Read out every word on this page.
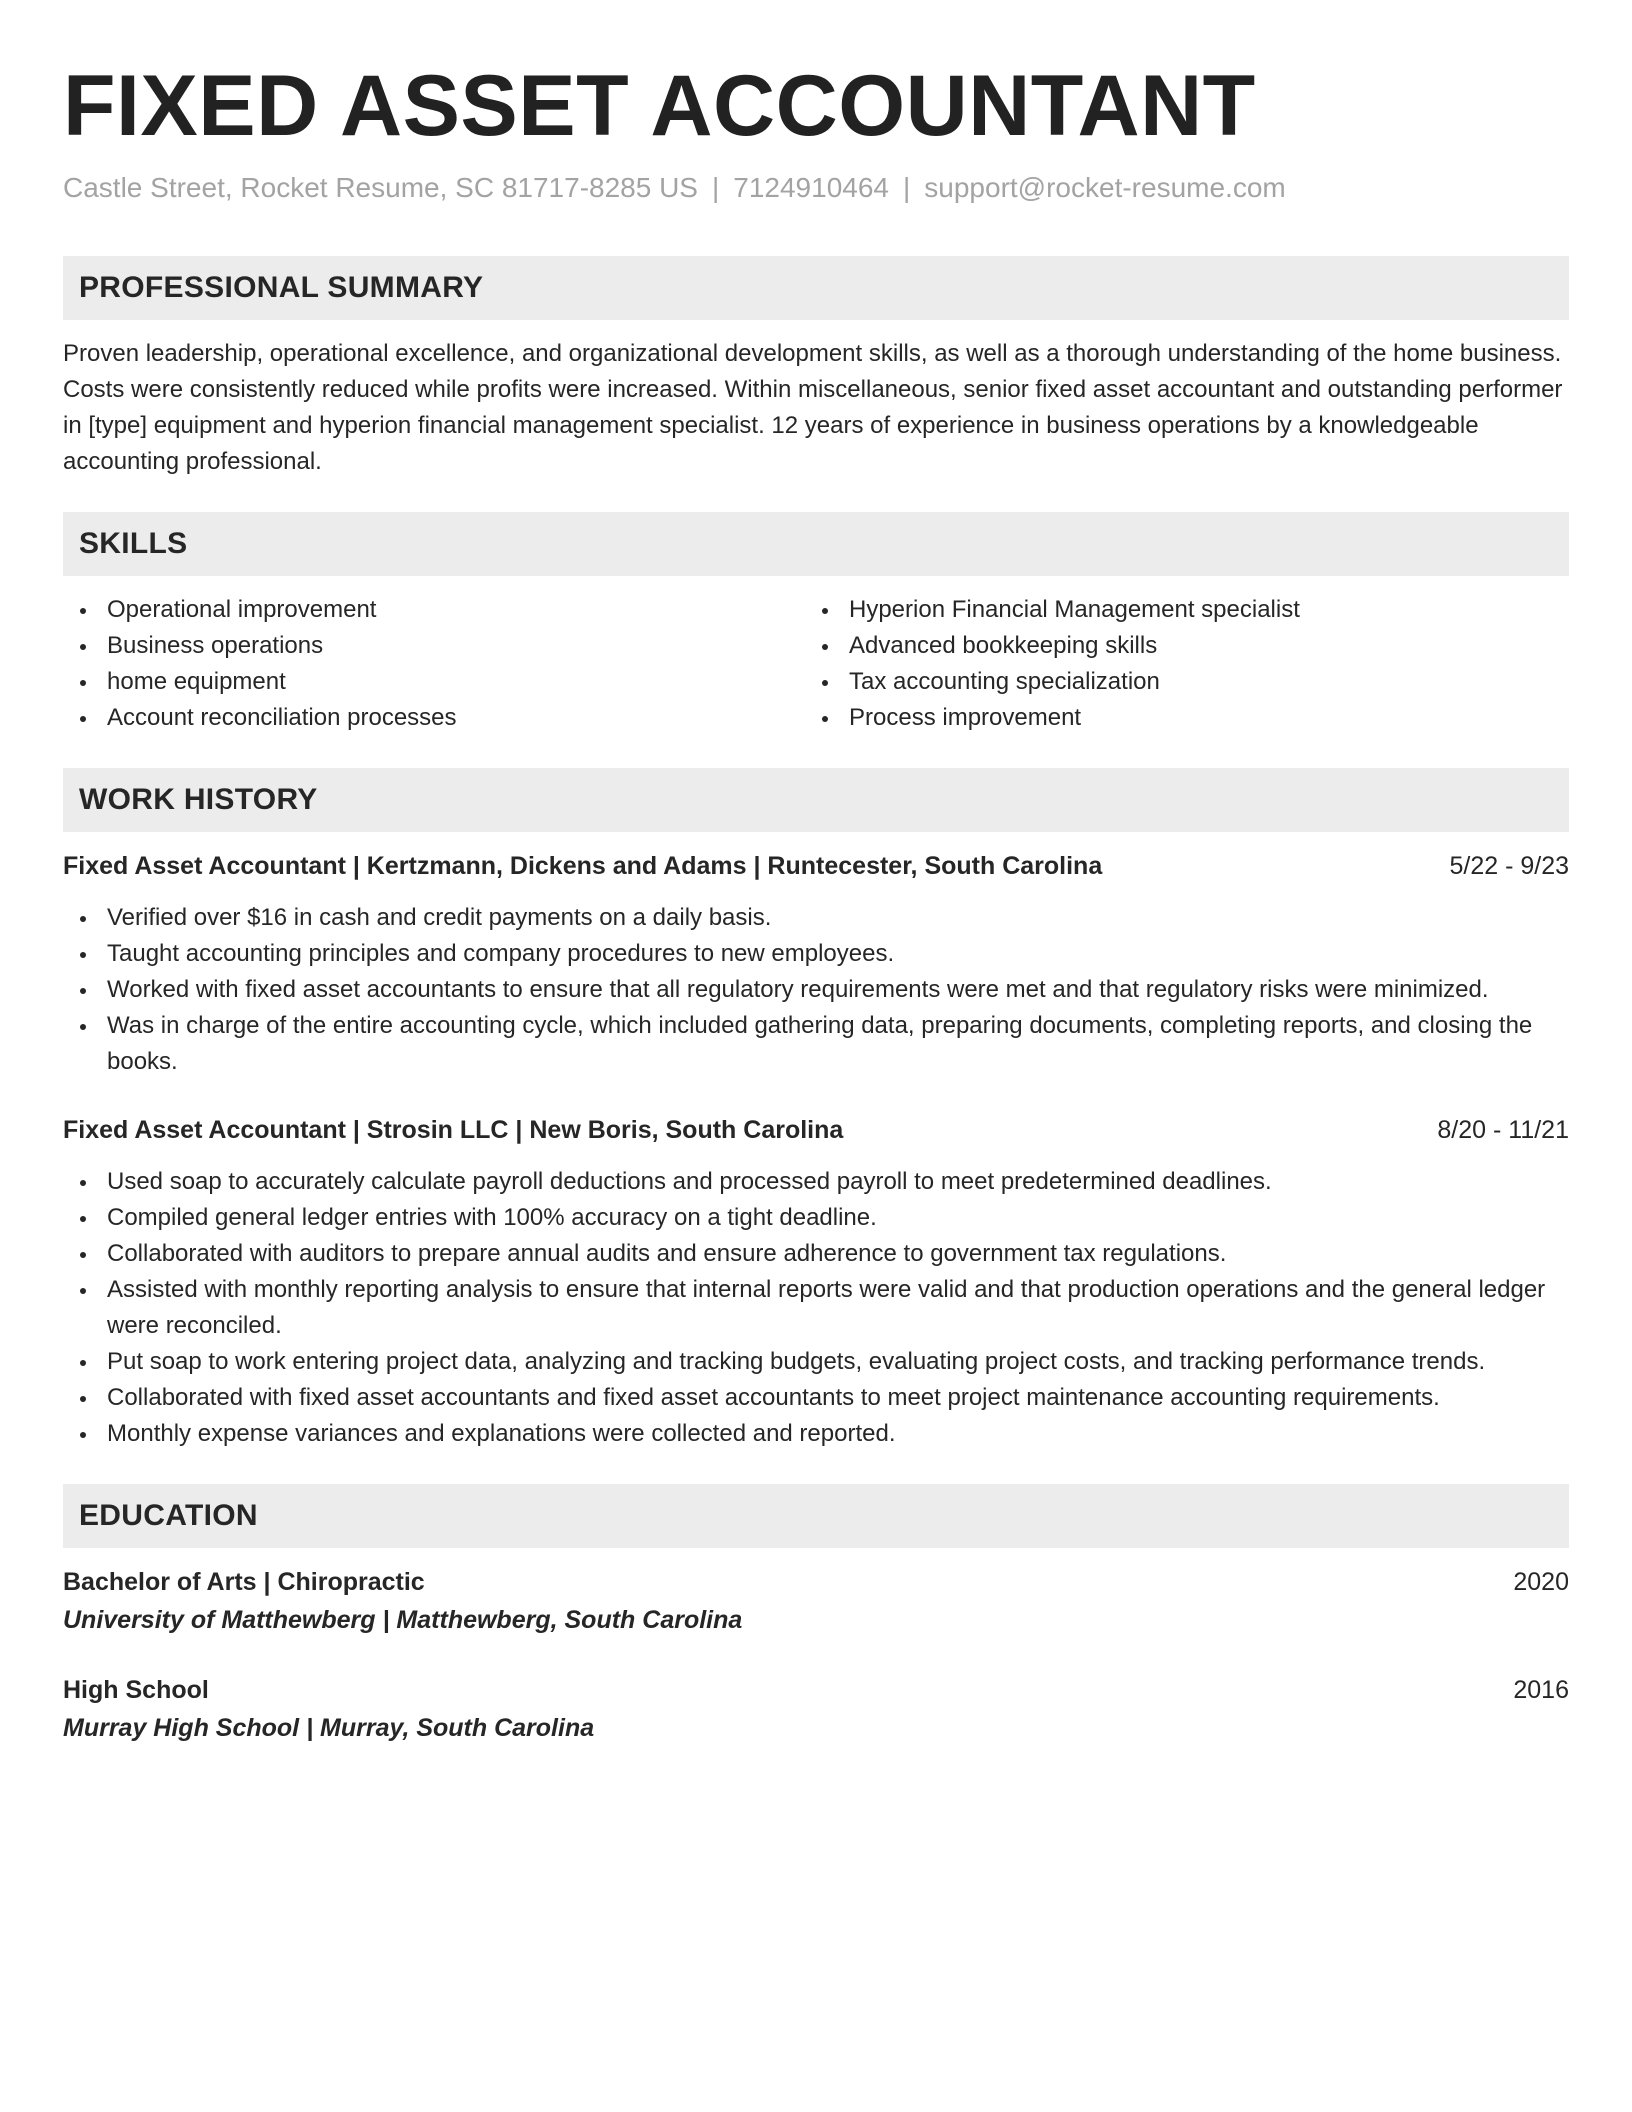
FIXED ASSET ACCOUNTANT
Castle Street, Rocket Resume, SC 81717-8285 US | 7124910464 | support@rocket-resume.com
PROFESSIONAL SUMMARY

Proven leadership, operational excellence, and organizational development skills, as well as a thorough understanding of the home business. Costs were consistently reduced while profits were increased. Within miscellaneous, senior fixed asset accountant and outstanding performer in [type] equipment and hyperion financial management specialist. 12 years of experience in business operations by a knowledgeable accounting professional.

SKILLS
Operational improvement
Business operations
home equipment
Account reconciliation processes
Hyperion Financial Management specialist
Advanced bookkeeping skills
Tax accounting specialization
Process improvement
WORK HISTORY
Fixed Asset Accountant | Kertzmann, Dickens and Adams | Runtecester, South Carolina	5/22 - 9/23
Verified over $16 in cash and credit payments on a daily basis.
Taught accounting principles and company procedures to new employees.
Worked with fixed asset accountants to ensure that all regulatory requirements were met and that regulatory risks were minimized.
Was in charge of the entire accounting cycle, which included gathering data, preparing documents, completing reports, and closing the books.
Fixed Asset Accountant | Strosin LLC | New Boris, South Carolina	8/20 - 11/21
Used soap to accurately calculate payroll deductions and processed payroll to meet predetermined deadlines.
Compiled general ledger entries with 100% accuracy on a tight deadline.
Collaborated with auditors to prepare annual audits and ensure adherence to government tax regulations.
Assisted with monthly reporting analysis to ensure that internal reports were valid and that production operations and the general ledger were reconciled.
Put soap to work entering project data, analyzing and tracking budgets, evaluating project costs, and tracking performance trends.
Collaborated with fixed asset accountants and fixed asset accountants to meet project maintenance accounting requirements.
Monthly expense variances and explanations were collected and reported.
EDUCATION
Bachelor of Arts | Chiropractic	2020
University of Matthewberg | Matthewberg, South Carolina
High School	2016
Murray High School | Murray, South Carolina
